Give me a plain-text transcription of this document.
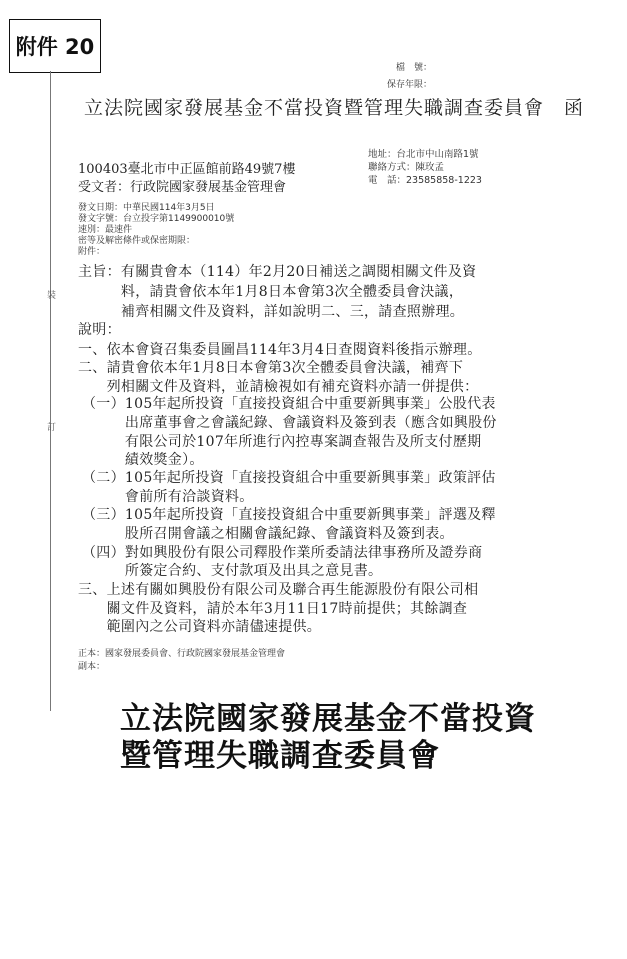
附件 20
裝
訂
檔　號：
保存年限：
立法院國家發展基金不當投資暨管理失職調查委員會　函
地址：台北市中山南路1號
聯絡方式：陳玫孟
電　話：23585858-1223
100403臺北市中正區館前路49號7樓
受文者：行政院國家發展基金管理會
發文日期：中華民國114年3月5日
發文字號：台立投字第1149900010號
速別：最速件
密等及解密條件或保密期限：
附件：
主旨：有關貴會本（114）年2月20日補送之調閱相關文件及資
　　　料，請貴會依本年1月8日本會第3次全體委員會決議，
　　　補齊相關文件及資料，詳如說明二、三，請查照辦理。
說明：
一、依本會資召集委員圖昌114年3月4日查閱資料後指示辦理。
二、請貴會依本年1月8日本會第3次全體委員會決議，補齊下
　　列相關文件及資料，並請檢視如有補充資料亦請一併提供：
（一）105年起所投資「直接投資組合中重要新興事業」公股代表
　　　出席董事會之會議紀錄、會議資料及簽到表（應含如興股份
　　　有限公司於107年所進行內控專案調查報告及所支付歷期
　　　績效獎金）。
（二）105年起所投資「直接投資組合中重要新興事業」政策評估
　　　會前所有洽談資料。
（三）105年起所投資「直接投資組合中重要新興事業」評選及釋
　　　股所召開會議之相關會議紀錄、會議資料及簽到表。
（四）對如興股份有限公司釋股作業所委請法律事務所及證券商
　　　所簽定合約、支付款項及出具之意見書。
三、上述有關如興股份有限公司及聯合再生能源股份有限公司相
　　關文件及資料，請於本年3月11日17時前提供；其餘調查
　　範圍內之公司資料亦請儘速提供。
正本：國家發展委員會、行政院國家發展基金管理會
副本：
立法院國家發展基金不當投資
暨管理失職調查委員會
